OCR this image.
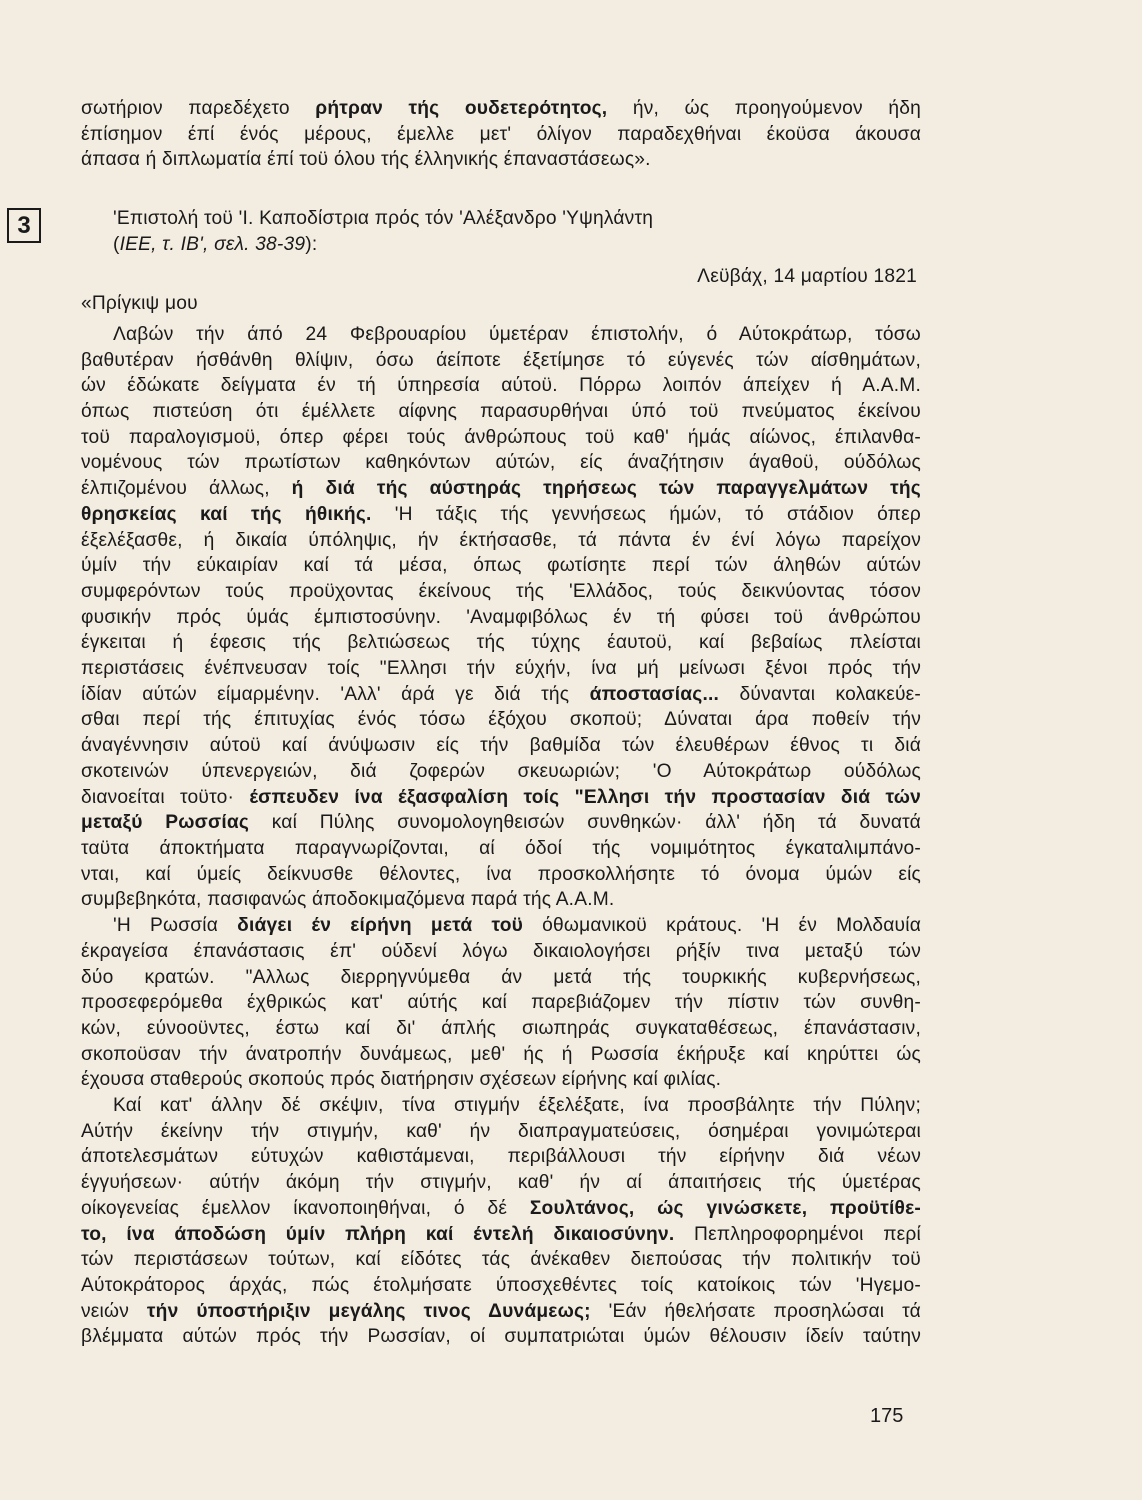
σωτήριον παρεδέχετο ρήτραν τής ουδετερότητος, ήν, ώς προηγούμενον ήδη
έπίσημον έπί ένός μέρους, έμελλε μετ' όλίγον παραδεχθήναι έκοϋσα άκουσα
άπασα ή διπλωματία έπί τοϋ όλου τής έλληνικής έπαναστάσεως».
3	'Επιστολή τοϋ 'Ι. Καποδίστρια πρός τόν 'Αλέξανδρο 'Υψηλάντη
(ΙΕΕ, τ. ΙΒ', σελ. 38-39):
Λεϋβάχ, 14 μαρτίου 1821
«Πρίγκιψ μου
Λαβών τήν άπό 24 Φεβρουαρίου ύμετέραν έπιστολήν, ό Αύτοκράτωρ, τόσω
βαθυτέραν ήσθάνθη θλίψιν, όσω άείποτε έξετίμησε τό εύγενές τών αίσθημάτων,
ών έδώκατε δείγματα έν τή ύπηρεσία αύτοϋ. Πόρρω λοιπόν άπείχεν ή Α.Α.Μ.
όπως πιστεύση ότι έμέλλετε αίφνης παρασυρθήναι ύπό τοϋ πνεύματος έκείνου
τοϋ παραλογισμοϋ, όπερ φέρει τούς άνθρώπους τοϋ καθ' ήμάς αίώνος, έπιλανθα-
νομένους τών πρωτίστων καθηκόντων αύτών, είς άναζήτησιν άγαθοϋ, ούδόλως
έλπιζομένου άλλως, ή διά τής αύστηράς τηρήσεως τών παραγγελμάτων τής
θρησκείας καί τής ήθικής. 'Η τάξις τής γεννήσεως ήμών, τό στάδιον όπερ
έξελέξασθε, ή δικαία ύπόληψις, ήν έκτήσασθε, τά πάντα έν ένί λόγω παρείχον
ύμίν τήν εύκαιρίαν καί τά μέσα, όπως φωτίσητε περί τών άληθών αύτών
συμφερόντων τούς προϋχοντας έκείνους τής 'Ελλάδος, τούς δεικνύοντας τόσον
φυσικήν πρός ύμάς έμπιστοσύνην. 'Αναμφιβόλως έν τή φύσει τοϋ άνθρώπου
έγκειται ή έφεσις τής βελτιώσεως τής τύχης έαυτοϋ, καί βεβαίως πλείσται
περιστάσεις ένέπνευσαν τοίς "Ελλησι τήν εύχήν, ίνα μή μείνωσι ξένοι πρός τήν
ίδίαν αύτών είμαρμένην. 'Αλλ' άρά γε διά τής άποστασίας... δύνανται κολακεύε-
σθαι περί τής έπιτυχίας ένός τόσω έξόχου σκοποϋ; Δύναται άρα ποθείν τήν
άναγέννησιν αύτοϋ καί άνύψωσιν είς τήν βαθμίδα τών έλευθέρων έθνος τι διά
σκοτεινών ύπενεργειών, διά ζοφερών σκευωριών; 'Ο Αύτοκράτωρ ούδόλως
διανοείται τοϋτο· έσπευδεν ίνα έξασφαλίση τοίς "Ελλησι τήν προστασίαν διά τών
μεταξύ Ρωσσίας καί Πύλης συνομολογηθεισών συνθηκών· άλλ' ήδη τά δυνατά
ταϋτα άποκτήματα παραγνωρίζονται, αί όδοί τής νομιμότητος έγκαταλιμπάνο-
νται, καί ύμείς δείκνυσθε θέλοντες, ίνα προσκολλήσητε τό όνομα ύμών είς
συμβεβηκότα, πασιφανώς άποδοκιμαζόμενα παρά τής Α.Α.Μ.
'Η Ρωσσία διάγει έν είρήνη μετά τοϋ όθωμανικοϋ κράτους. 'Η έν Μολδαυία
έκραγείσα έπανάστασις έπ' ούδενί λόγω δικαιολογήσει ρήξίν τινα μεταξύ τών
δύο κρατών. "Αλλως διερρηγνύμεθα άν μετά τής τουρκικής κυβερνήσεως,
προσεφερόμεθα έχθρικώς κατ' αύτής καί παρεβιάζομεν τήν πίστιν τών συνθη-
κών, εύνοοϋντες, έστω καί δι' άπλής σιωπηράς συγκαταθέσεως, έπανάστασιν,
σκοποϋσαν τήν άνατροπήν δυνάμεως, μεθ' ής ή Ρωσσία έκήρυξε καί κηρύττει ώς
έχουσα σταθερούς σκοπούς πρός διατήρησιν σχέσεων είρήνης καί φιλίας.
Καί κατ' άλλην δέ σκέψιν, τίνα στιγμήν έξελέξατε, ίνα προσβάλητε τήν Πύλην;
Αύτήν έκείνην τήν στιγμήν, καθ' ήν διαπραγματεύσεις, όσημέραι γονιμώτεραι
άποτελεσμάτων εύτυχών καθιστάμεναι, περιβάλλουσι τήν είρήνην διά νέων
έγγυήσεων· αύτήν άκόμη τήν στιγμήν, καθ' ήν αί άπαιτήσεις τής ύμετέρας
οίκογενείας έμελλον ίκανοποιηθήναι, ό δέ Σουλτάνος, ώς γινώσκετε, προϋτίθε-
το, ίνα άποδώση ύμίν πλήρη καί έντελή δικαιοσύνην. Πεπληροφορημένοι περί
τών περιστάσεων τούτων, καί είδότες τάς άνέκαθεν διεπούσας τήν πολιτικήν τοϋ
Αύτοκράτορος άρχάς, πώς έτολμήσατε ύποσχεθέντες τοίς κατοίκοις τών 'Ηγεμο-
νειών τήν ύποστήριξιν μεγάλης τινος Δυνάμεως; 'Εάν ήθελήσατε προσηλώσαι τά
βλέμματα αύτών πρός τήν Ρωσσίαν, οί συμπατριώται ύμών θέλουσιν ίδείν ταύτην
175
